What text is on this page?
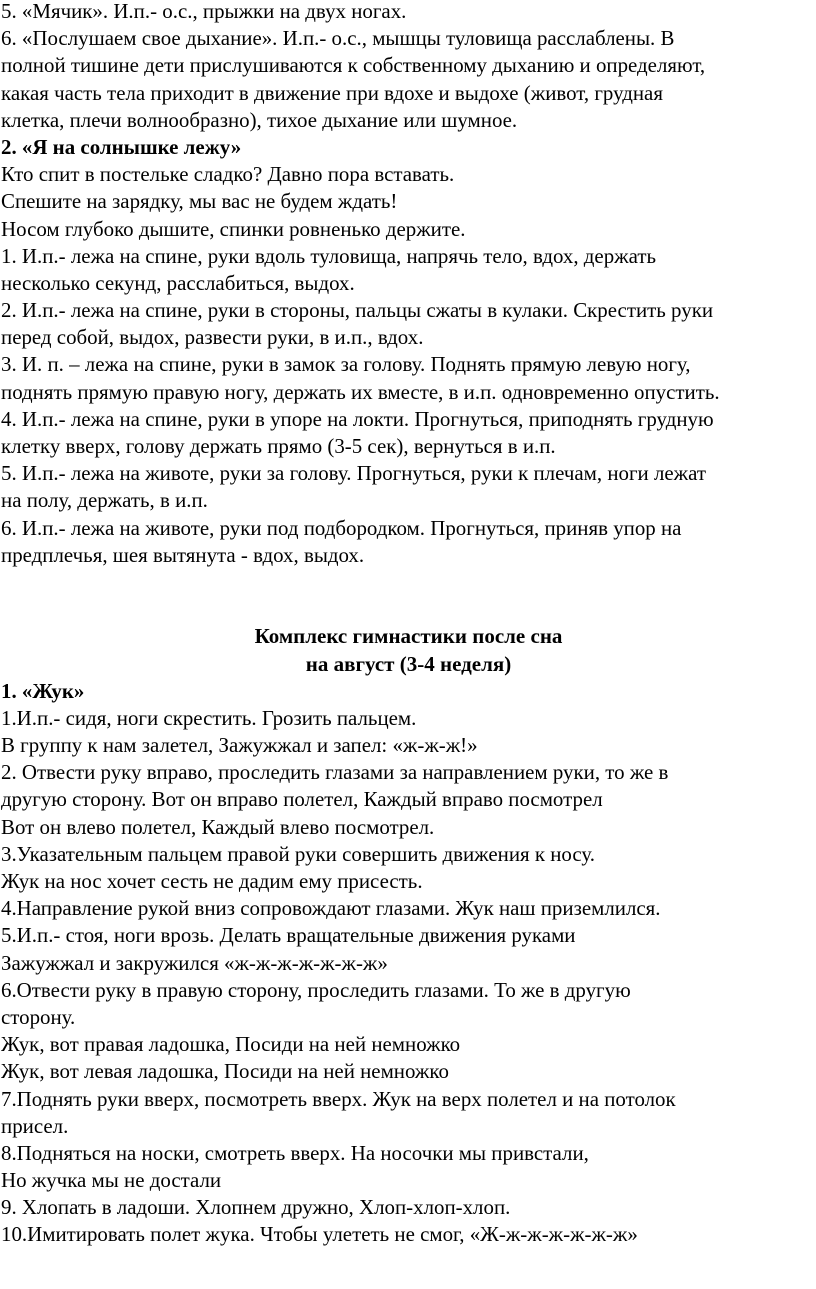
5. «Мячик». И.п.- о.с., прыжки на двух ногах.
6. «Послушаем свое дыхание». И.п.- о.с., мышцы туловища расслаблены. В
полной тишине дети прислушиваются к собственному дыханию и определяют,
какая часть тела приходит в движение при вдохе и выдохе (живот, грудная
клетка, плечи волнообразно), тихое дыхание или шумное.
2. «Я на солнышке лежу»
Кто спит в постельке сладко? Давно пора вставать.
Спешите на зарядку, мы вас не будем ждать!
Носом глубоко дышите, спинки ровненько держите.
1. И.п.- лежа на спине, руки вдоль туловища, напрячь тело, вдох, держать
несколько секунд, расслабиться, выдох.
2. И.п.- лежа на спине, руки в стороны, пальцы сжаты в кулаки. Скрестить руки
перед собой, выдох, развести руки, в и.п., вдох.
3. И. п. – лежа на спине, руки в замок за голову. Поднять прямую левую ногу,
поднять прямую правую ногу, держать их вместе, в и.п. одновременно опустить.
4. И.п.- лежа на спине, руки в упоре на локти. Прогнуться, приподнять грудную
клетку вверх, голову держать прямо (3-5 сек), вернуться в и.п.
5. И.п.- лежа на животе, руки за голову. Прогнуться, руки к плечам, ноги лежат
на полу, держать, в и.п.
6. И.п.- лежа на животе, руки под подбородком. Прогнуться, приняв упор на
предплечья, шея вытянута - вдох, выдох.
Комплекс гимнастики после сна
на август (3-4 неделя)
1. «Жук»
1.И.п.- сидя, ноги скрестить. Грозить пальцем.
В группу к нам залетел, Зажужжал и запел: «ж-ж-ж!»
2. Отвести руку вправо, проследить глазами за направлением руки, то же в
другую сторону. Вот он вправо полетел, Каждый вправо посмотрел
Вот он влево полетел, Каждый влево посмотрел.
3.Указательным пальцем правой руки совершить движения к носу.
Жук на нос хочет сесть не дадим ему присесть.
4.Направление рукой вниз сопровождают глазами. Жук наш приземлился.
5.И.п.- стоя, ноги врозь. Делать вращательные движения руками
Зажужжал и закружился «ж-ж-ж-ж-ж-ж-ж»
6.Отвести руку в правую сторону, проследить глазами. То же в другую
сторону.
Жук, вот правая ладошка, Посиди на ней немножко
Жук, вот левая ладошка, Посиди на ней немножко
7.Поднять руки вверх, посмотреть вверх. Жук на верх полетел и на потолок
присел.
8.Подняться на носки, смотреть вверх. На носочки мы привстали,
Но жучка мы не достали
9. Хлопать в ладоши. Хлопнем дружно, Хлоп-хлоп-хлоп.
10.Имитировать полет жука. Чтобы улететь не смог, «Ж-ж-ж-ж-ж-ж-ж»
